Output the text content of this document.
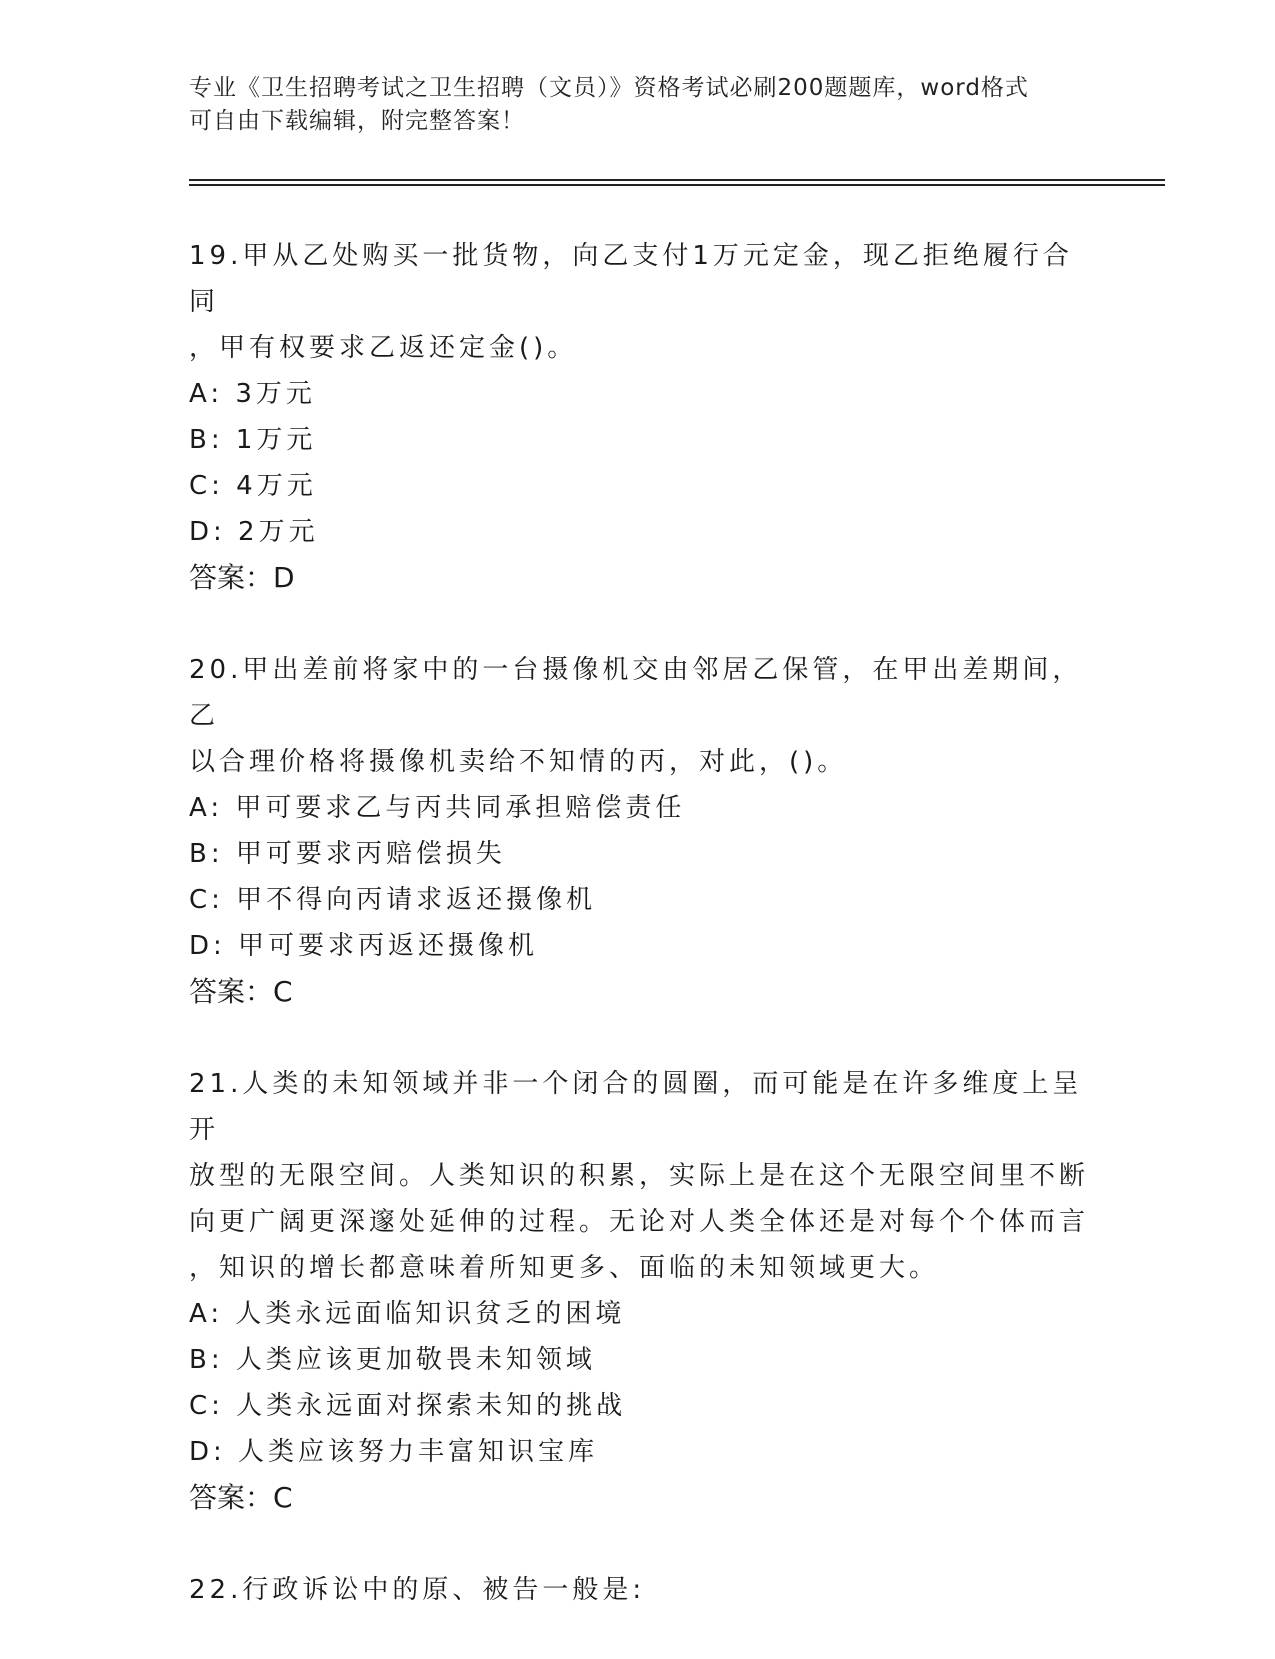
专业《卫生招聘考试之卫生招聘（文员）》资格考试必刷200题题库，word格式
可自由下载编辑，附完整答案！

19.甲从乙处购买一批货物，向乙支付1万元定金，现乙拒绝履行合同
，甲有权要求乙返还定金()。

A: 3万元

B: 1万元

C: 4万元

D: 2万元

答案：D

20.甲出差前将家中的一台摄像机交由邻居乙保管，在甲出差期间，乙
以合理价格将摄像机卖给不知情的丙，对此，()。

A: 甲可要求乙与丙共同承担赔偿责任

B: 甲可要求丙赔偿损失

C: 甲不得向丙请求返还摄像机

D: 甲可要求丙返还摄像机

答案：C

21.人类的未知领域并非一个闭合的圆圈，而可能是在许多维度上呈开
放型的无限空间。人类知识的积累，实际上是在这个无限空间里不断
向更广阔更深邃处延伸的过程。无论对人类全体还是对每个个体而言
，知识的增长都意味着所知更多、面临的未知领域更大。

A: 人类永远面临知识贫乏的困境

B: 人类应该更加敬畏未知领域

C: 人类永远面对探索未知的挑战

D: 人类应该努力丰富知识宝库

答案：C

22.行政诉讼中的原、被告一般是:
